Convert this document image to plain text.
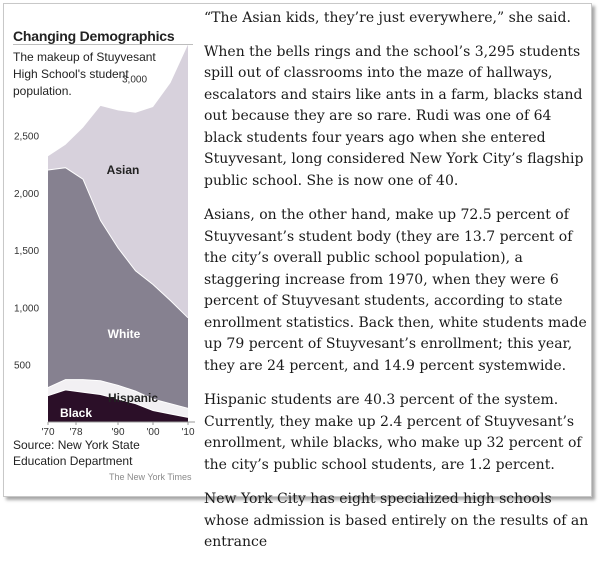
Changing Demographics
The makeup of Stuyvesant High School's student population.
500
1,000
1,500
2,000
2,500
3,000
'70 '78	'90 '00 '10
Black
Hispanic
White
Asian
Source: New York State Education Department
The New York Times

“The Asian kids, they’re just everywhere,” she said.

When the bells rings and the school’s 3,295 students spill out of classrooms into the maze of hallways, escalators and stairs like ants in a farm, blacks stand out because they are so rare. Rudi was one of 64 black students four years ago when she entered Stuyvesant, long considered New York City’s flagship public school. She is now one of 40.

Asians, on the other hand, make up 72.5 percent of Stuyvesant’s student body (they are 13.7 percent of the city’s overall public school population), a staggering increase from 1970, when they were 6 percent of Stuyvesant students, according to state enrollment statistics. Back then, white students made up 79 percent of Stuyvesant’s enrollment; this year, they are 24 percent, and 14.9 percent systemwide.

Hispanic students are 40.3 percent of the system. Currently, they make up 2.4 percent of Stuyvesant’s enrollment, while blacks, who make up 32 percent of the city’s public school students, are 1.2 percent.

New York City has eight specialized high schools whose admission is based entirely on the results of an entrance
